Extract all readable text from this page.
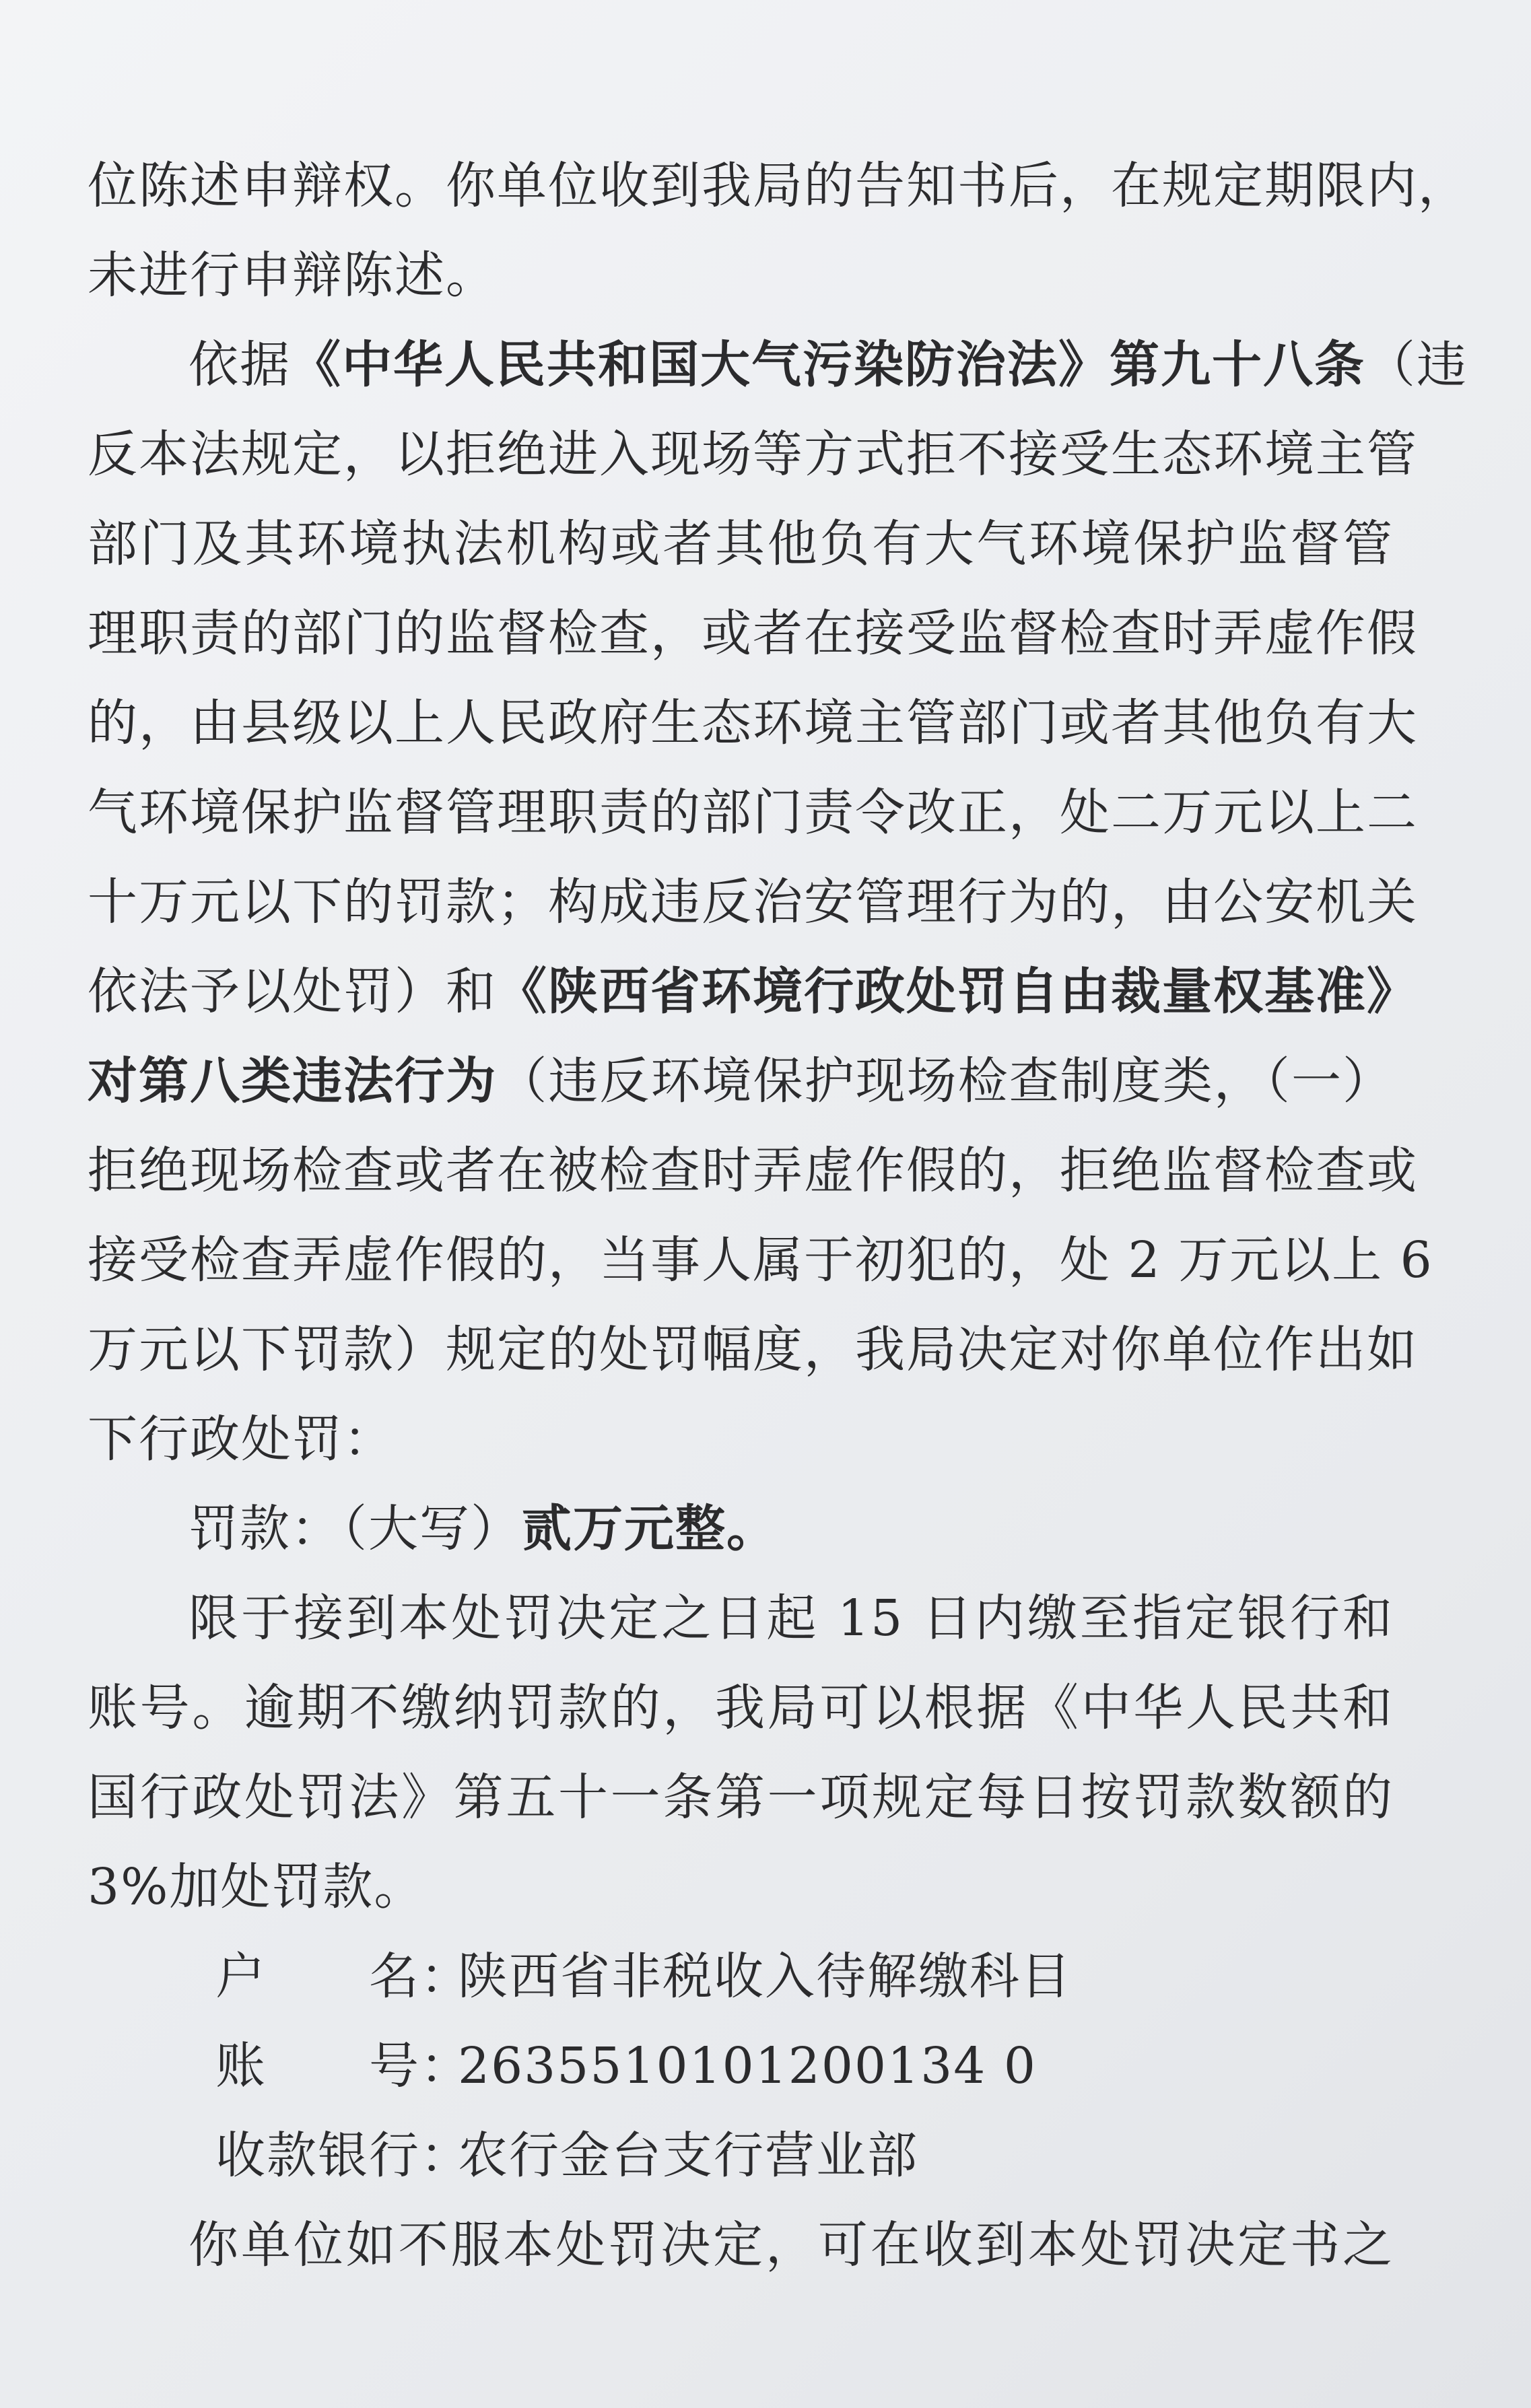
位陈述申辩权。你单位收到我局的告知书后，在规定期限内，
未进行申辩陈述。
依据《中华人民共和国大气污染防治法》第九十八条（违
反本法规定，以拒绝进入现场等方式拒不接受生态环境主管
部门及其环境执法机构或者其他负有大气环境保护监督管
理职责的部门的监督检查，或者在接受监督检查时弄虚作假
的，由县级以上人民政府生态环境主管部门或者其他负有大
气环境保护监督管理职责的部门责令改正，处二万元以上二
十万元以下的罚款；构成违反治安管理行为的，由公安机关
依法予以处罚）和《陕西省环境行政处罚自由裁量权基准》
对第八类违法行为（违反环境保护现场检查制度类，（一）
拒绝现场检查或者在被检查时弄虚作假的，拒绝监督检查或
接受检查弄虚作假的，当事人属于初犯的，处 2 万元以上 6
万元以下罚款）规定的处罚幅度，我局决定对你单位作出如
下行政处罚：
罚款：（大写）贰万元整。
限于接到本处罚决定之日起 15 日内缴至指定银行和
账号。逾期不缴纳罚款的，我局可以根据《中华人民共和
国行政处罚法》第五十一条第一项规定每日按罚款数额的
3%加处罚款。
户　　名：陕西省非税收入待解缴科目
账　　号：2635510101200134 0
收款银行：农行金台支行营业部
你单位如不服本处罚决定，可在收到本处罚决定书之
